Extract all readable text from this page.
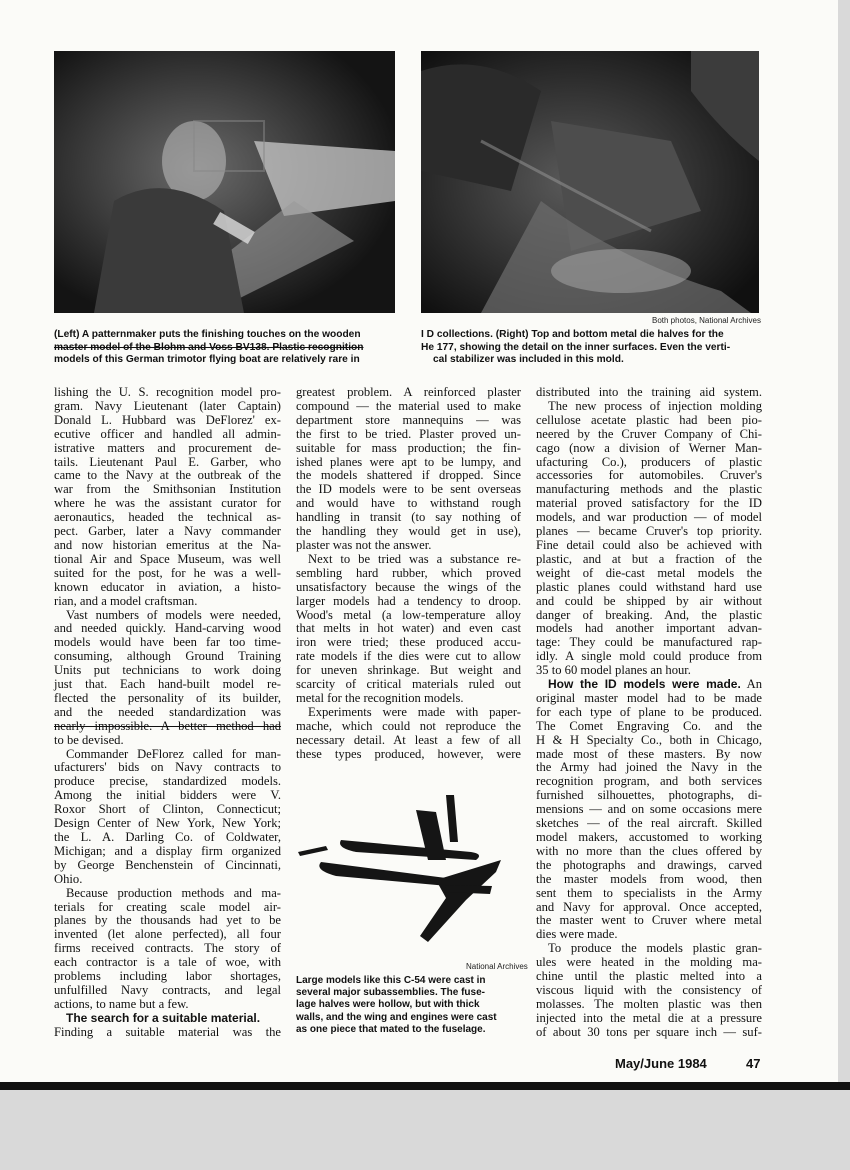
Both photos, National Archives
(Left) A patternmaker puts the finishing touches on the wooden
master model of the Blohm and Voss BV138. Plastic recognition
models of this German trimotor flying boat are relatively rare in
I D collections. (Right) Top and bottom metal die halves for the
He 177, showing the detail on the inner surfaces. Even the verti-
cal stabilizer was included in this mold.

lishing the U. S. recognition model pro-
gram. Navy Lieutenant (later Captain)
Donald L. Hubbard was DeFlorez' ex-
ecutive officer and handled all admin-
istrative matters and procurement de-
tails. Lieutenant Paul E. Garber, who
came to the Navy at the outbreak of the
war from the Smithsonian Institution
where he was the assistant curator for
aeronautics, headed the technical as-
pect. Garber, later a Navy commander
and now historian emeritus at the Na-
tional Air and Space Museum, was well
suited for the post, for he was a well-
known educator in aviation, a histo-
rian, and a model craftsman.

Vast numbers of models were needed,
and needed quickly. Hand-carving wood
models would have been far too time-
consuming, although Ground Training
Units put technicians to work doing
just that. Each hand-built model re-
flected the personality of its builder,
and the needed standardization was
nearly impossible. A better method had
to be devised.

Commander DeFlorez called for man-
ufacturers' bids on Navy contracts to
produce precise, standardized models.
Among the initial bidders were V.
Roxor Short of Clinton, Connecticut;
Design Center of New York, New York;
the L. A. Darling Co. of Coldwater,
Michigan; and a display firm organized
by George Benchenstein of Cincinnati,
Ohio.

Because production methods and ma-
terials for creating scale model air-
planes by the thousands had yet to be
invented (let alone perfected), all four
firms received contracts. The story of
each contractor is a tale of woe, with
problems including labor shortages,
unfulfilled Navy contracts, and legal
actions, to name but a few.

The search for a suitable material.
Finding a suitable material was the

greatest problem. A reinforced plaster
compound — the material used to make
department store mannequins — was
the first to be tried. Plaster proved un-
suitable for mass production; the fin-
ished planes were apt to be lumpy, and
the models shattered if dropped. Since
the ID models were to be sent overseas
and would have to withstand rough
handling in transit (to say nothing of
the handling they would get in use),
plaster was not the answer.

Next to be tried was a substance re-
sembling hard rubber, which proved
unsatisfactory because the wings of the
larger models had a tendency to droop.
Wood's metal (a low-temperature alloy
that melts in hot water) and even cast
iron were tried; these produced accu-
rate models if the dies were cut to allow
for uneven shrinkage. But weight and
scarcity of critical materials ruled out
metal for the recognition models.

Experiments were made with paper-
mache, which could not reproduce the
necessary detail. At least a few of all
these types produced, however, were

National Archives
Large models like this C-54 were cast in
several major subassemblies. The fuse-
lage halves were hollow, but with thick
walls, and the wing and engines were cast
as one piece that mated to the fuselage.

distributed into the training aid system.

The new process of injection molding
cellulose acetate plastic had been pio-
neered by the Cruver Company of Chi-
cago (now a division of Werner Man-
ufacturing Co.), producers of plastic
accessories for automobiles. Cruver's
manufacturing methods and the plastic
material proved satisfactory for the ID
models, and war production — of model
planes — became Cruver's top priority.
Fine detail could also be achieved with
plastic, and at but a fraction of the
weight of die-cast metal models the
plastic planes could withstand hard use
and could be shipped by air without
danger of breaking. And, the plastic
models had another important advan-
tage: They could be manufactured rap-
idly. A single mold could produce from
35 to 60 model planes an hour.

How the ID models were made. An
original master model had to be made
for each type of plane to be produced.
The Comet Engraving Co. and the
H & H Specialty Co., both in Chicago,
made most of these masters. By now
the Army had joined the Navy in the
recognition program, and both services
furnished silhouettes, photographs, di-
mensions — and on some occasions mere
sketches — of the real aircraft. Skilled
model makers, accustomed to working
with no more than the clues offered by
the photographs and drawings, carved
the master models from wood, then
sent them to specialists in the Army
and Navy for approval. Once accepted,
the master went to Cruver where metal
dies were made.

To produce the models plastic gran-
ules were heated in the molding ma-
chine until the plastic melted into a
viscous liquid with the consistency of
molasses. The molten plastic was then
injected into the metal die at a pressure
of about 30 tons per square inch — suf-

May/June 1984	47
